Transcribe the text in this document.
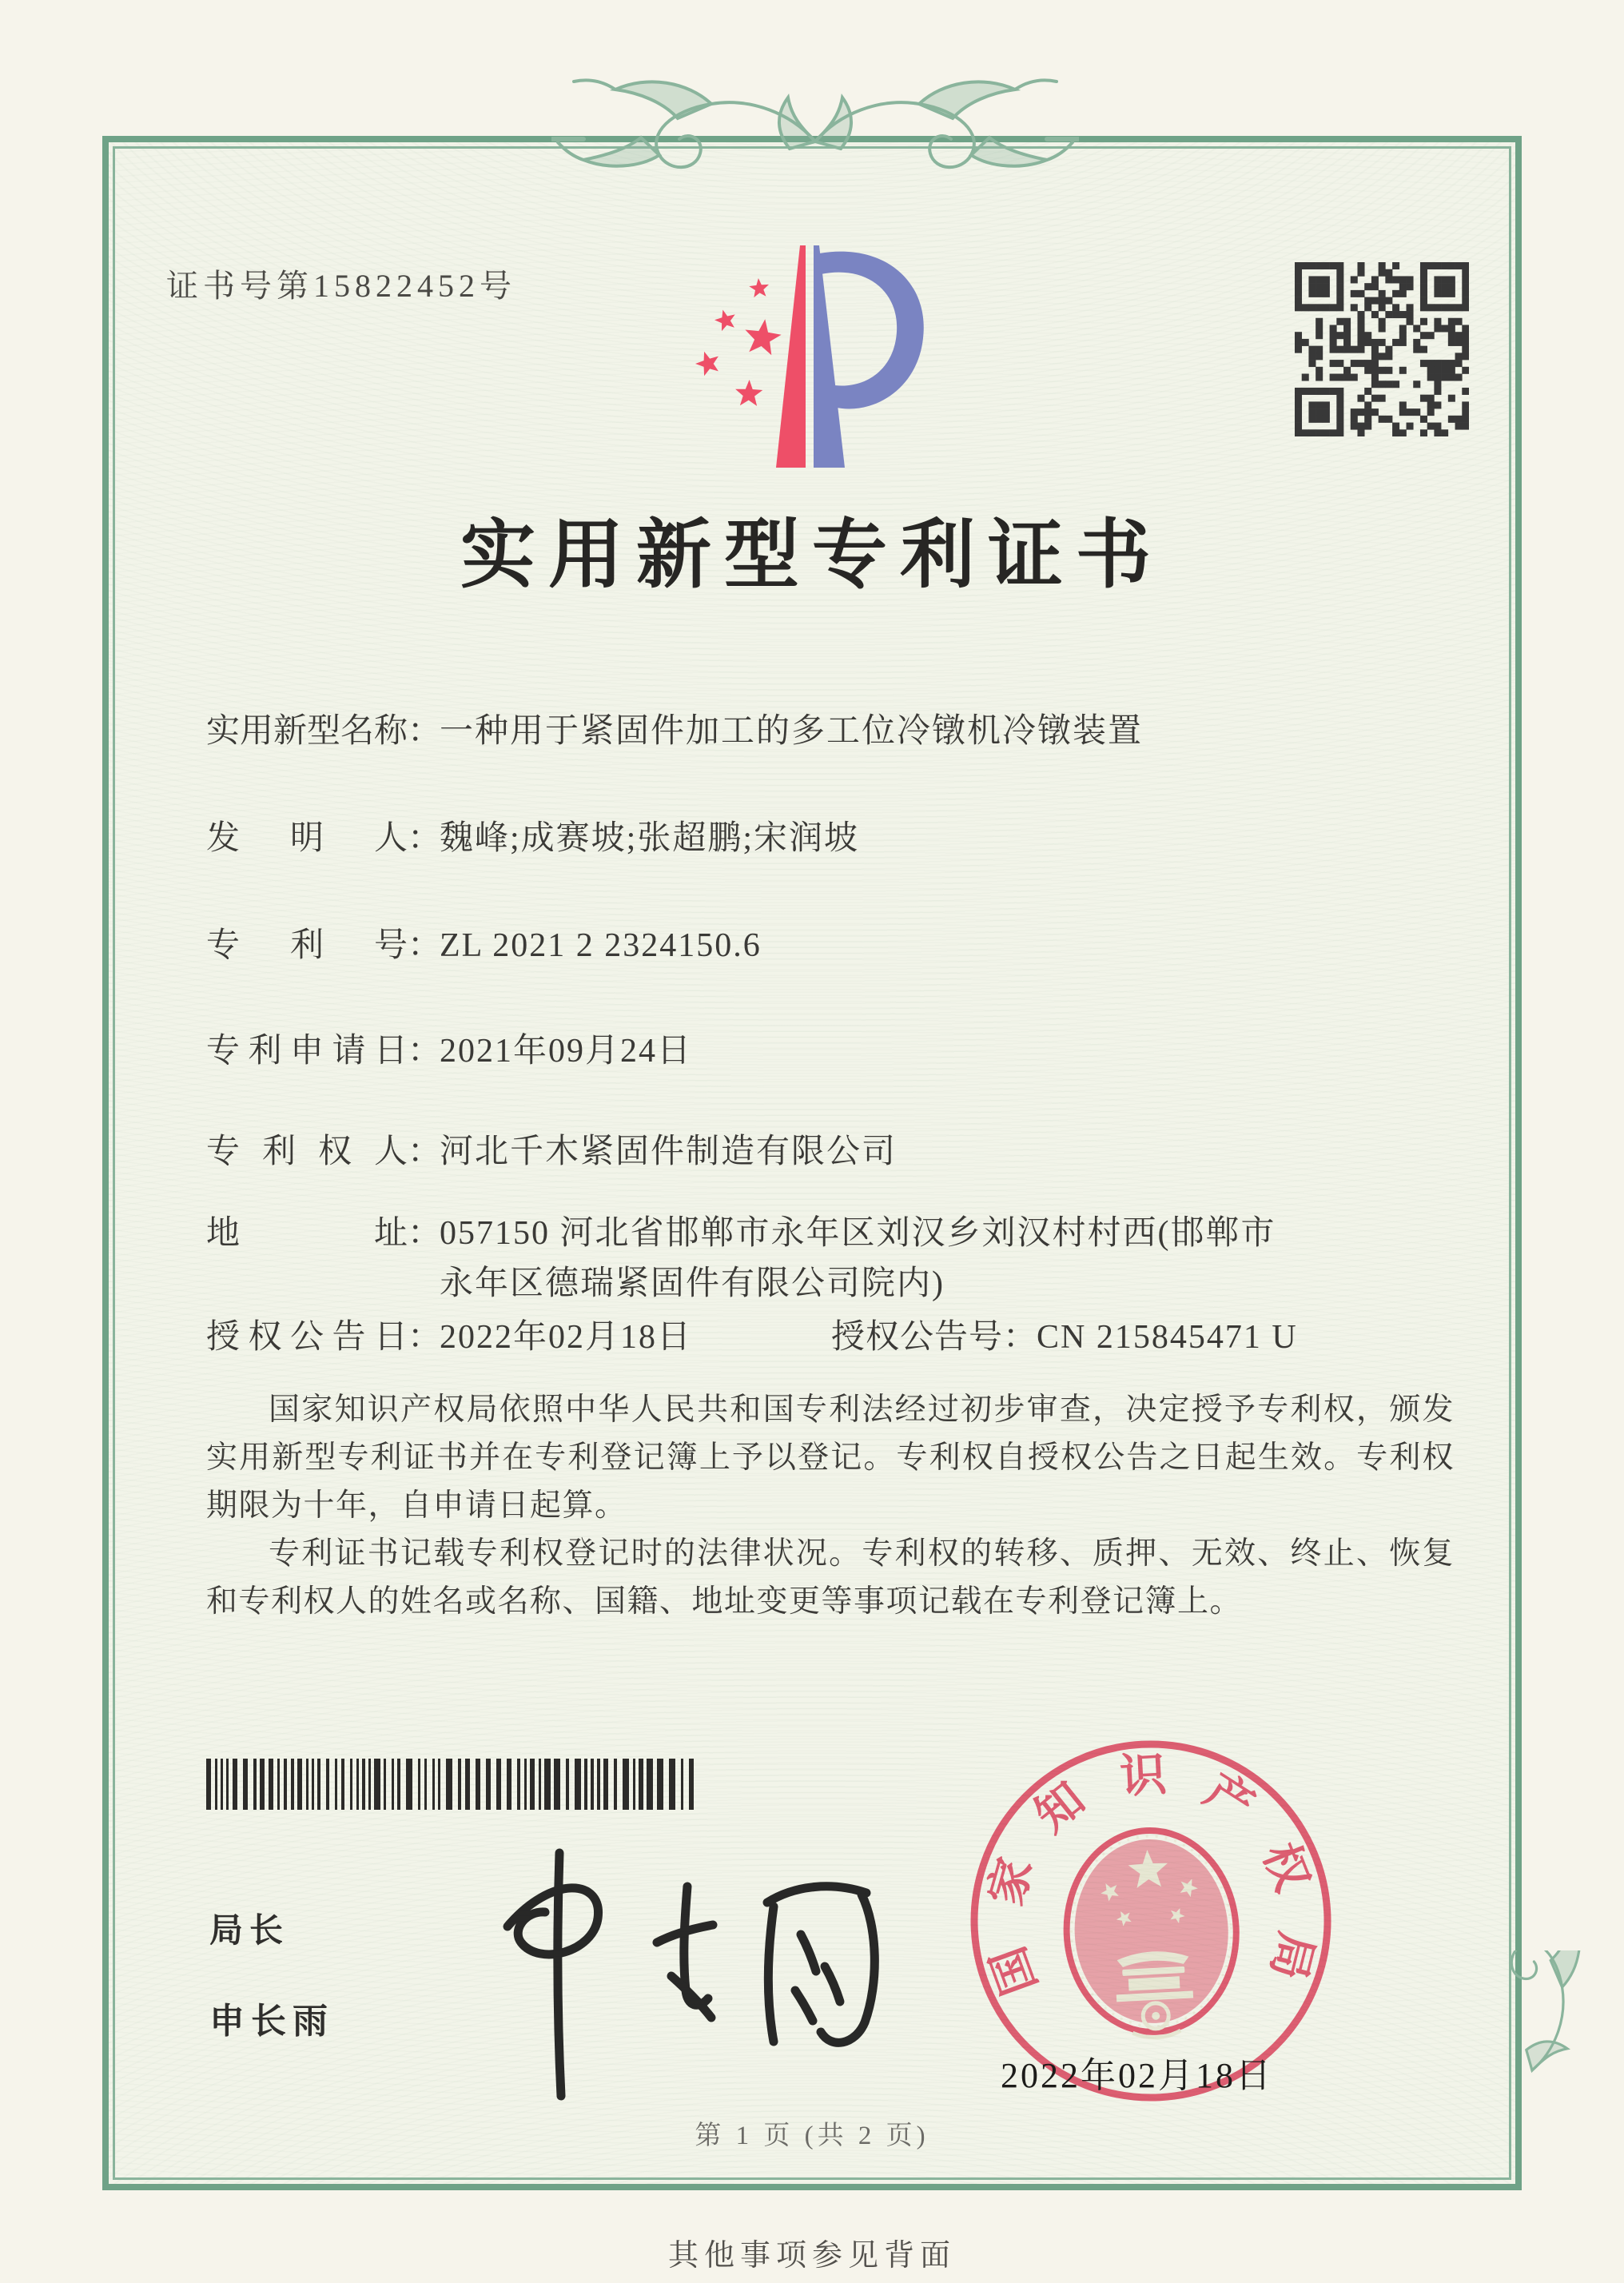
证书号第15822452号
实用新型专利证书
实用新型名称：一种用于紧固件加工的多工位冷镦机冷镦装置
发明人：魏峰;成赛坡;张超鹏;宋润坡
专利号：ZL 2021 2 2324150.6
专利申请日：2021年09月24日
专利权人：河北千木紧固件制造有限公司
地址：057150 河北省邯郸市永年区刘汉乡刘汉村村西(邯郸市永年区德瑞紧固件有限公司院内)
授权公告日：2022年02月18日	授权公告号：CN 215845471 U

国家知识产权局依照中华人民共和国专利法经过初步审查，决定授予专利权，颁发实用新型专利证书并在专利登记簿上予以登记。专利权自授权公告之日起生效。专利权期限为十年，自申请日起算。

专利证书记载专利权登记时的法律状况。专利权的转移、质押、无效、终止、恢复和专利权人的姓名或名称、国籍、地址变更等事项记载在专利登记簿上。

局长
申长雨
国
家
知 识 产
权
局
2022年02月18日
第 1 页 (共 2 页)
其他事项参见背面
